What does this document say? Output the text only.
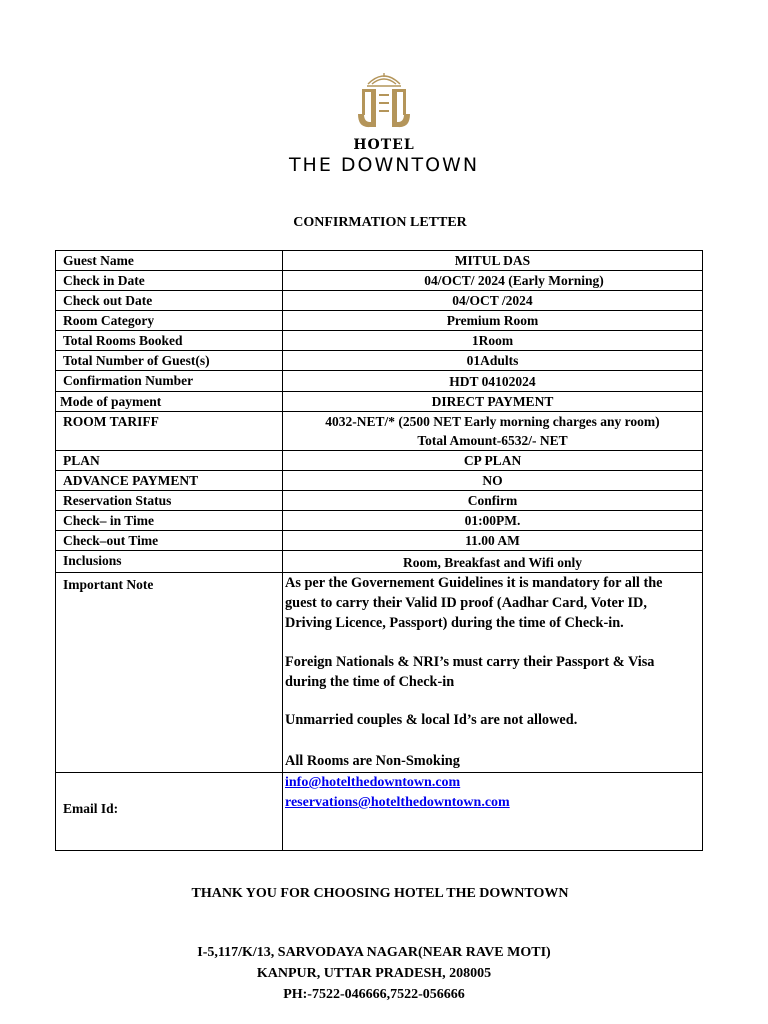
HOTEL
THE DOWNTOWN
CONFIRMATION LETTER
Guest Name	MITUL DAS
Check in Date	04/OCT/ 2024 (Early Morning)
Check out Date	04/OCT /2024
Room Category	Premium Room
Total Rooms Booked	1Room
Total Number of Guest(s)	01Adults
Confirmation Number	HDT 04102024
Mode of payment	DIRECT PAYMENT
ROOM TARIFF	4032-NET/* (2500 NET Early morning charges any room)
Total Amount-6532/- NET

PLAN	CP PLAN
ADVANCE PAYMENT	NO
Reservation Status	Confirm
Check– in Time	01:00PM.
Check–out Time	11.00 AM
Inclusions	Room, Breakfast and Wifi only
Important Note	As per the Governement Guidelines it is mandatory for all the guest to carry their Valid ID proof (Aadhar Card, Voter ID, Driving Licence, Passport) during the time of Check-in.

Foreign Nationals & NRI’s must carry their Passport & Visa during the time of Check-in

Unmarried couples & local Id’s are not allowed.

All Rooms are Non-Smoking

Email Id:	info@hotelthedowntown.com
reservations@hotelthedowntown.com
THANK YOU FOR CHOOSING HOTEL THE DOWNTOWN
I-5,117/K/13, SARVODAYA NAGAR(NEAR RAVE MOTI)
KANPUR, UTTAR PRADESH, 208005
PH:-7522-046666,7522-056666
